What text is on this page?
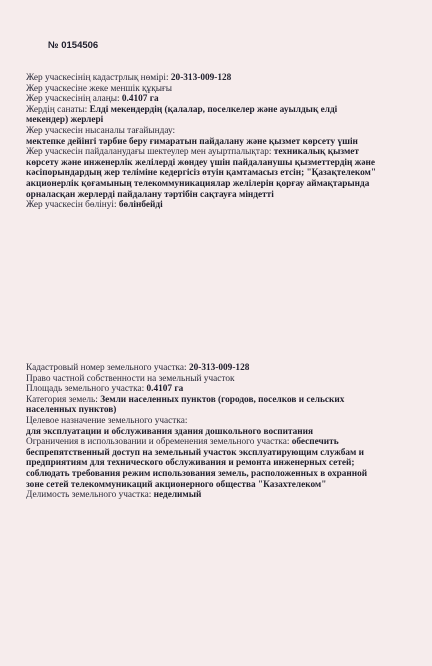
№ 0154506
Жер учаскесінің кадастрлық нөмірі: 20-313-009-128
Жер учаскесіне жеке меншік құқығы
Жер учаскесінің алаңы: 0.4107 га
Жердің санаты: Елді мекендердің (қалалар, поселкелер және ауылдық елді
мекендер) жерлері
Жер учаскесін нысаналы тағайындау:
мектепке дейінгі тәрбие беру ғимаратын пайдалану және қызмет көрсету үшін
Жер учаскесін пайдаланудағы шектеулер мен ауыртпалықтар: техникалық қызмет
көрсету және инженерлік желілерді жөндеу үшін пайдаланушы қызметтердің және
кәсіпорындардың жер теліміне кедергісіз өтуін қамтамасыз етсін; "Қазақтелеком"
акционерлік қоғамының телекоммуникациялар желілерін қорғау аймақтарында
орналасқан жерлерді пайдалану тәртібін сақтауға міндетті
Жер учаскесін бөлінуі: бөлінбейді
Кадастровый номер земельного участка: 20-313-009-128
Право частной собственности на земельный участок
Площадь земельного участка: 0.4107 га
Категория земель: Земли населенных пунктов (городов, поселков и сельских
населенных пунктов)
Целевое назначение земельного участка:
для эксплуатации и обслуживания здания дошкольного воспитания
Ограничения в использовании и обременения земельного участка: обеспечить
беспрепятственный доступ на земельный участок эксплуатирующим службам и
предприятиям для технического обслуживания и ремонта инженерных сетей;
соблюдать требования режим использования земель, расположенных в охранной
зоне сетей телекоммуникаций акционерного общества "Казахтелеком"
Делимость земельного участка: неделимый
